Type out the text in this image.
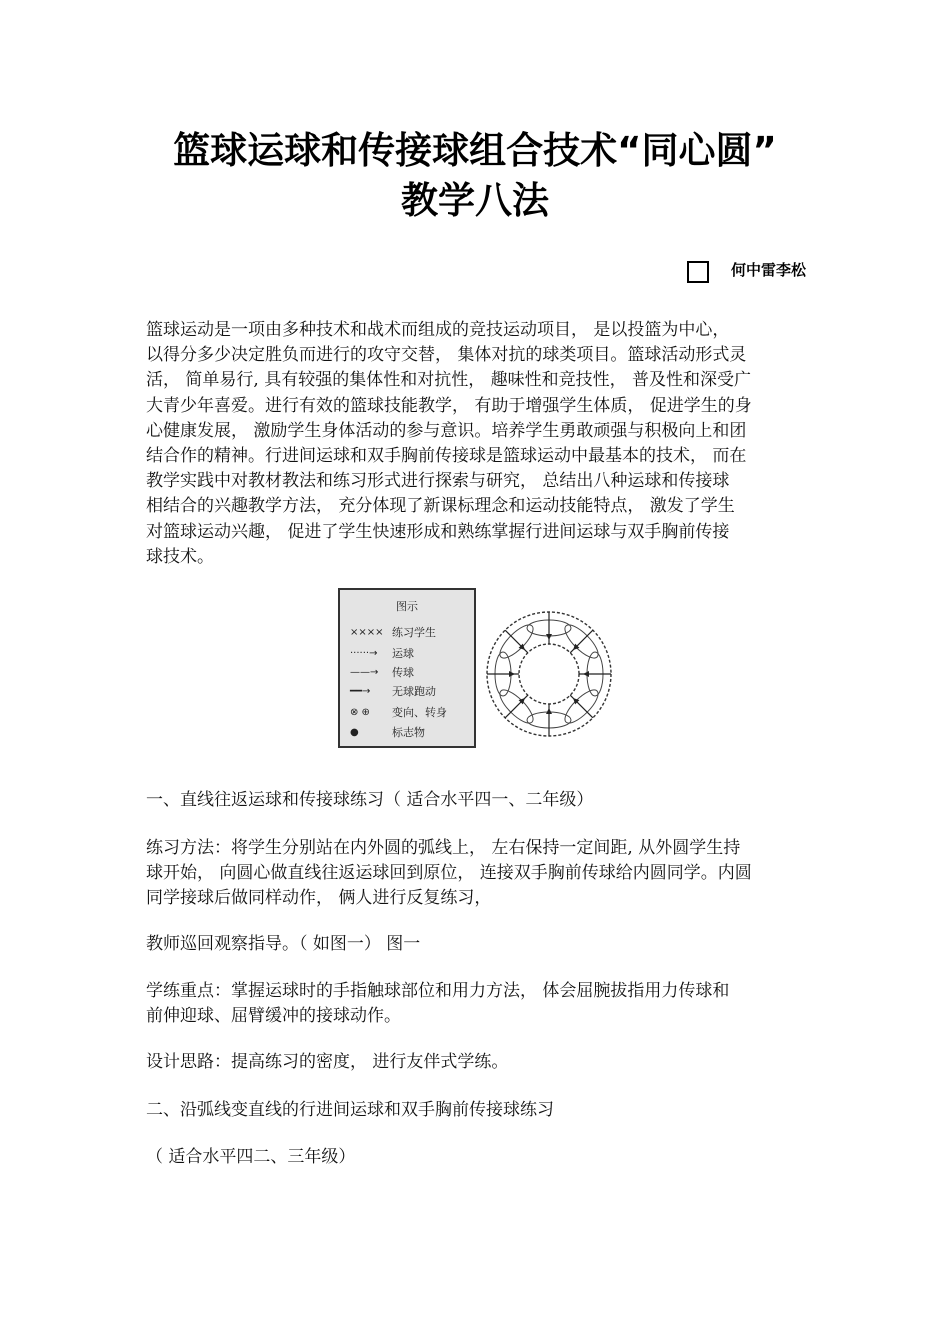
篮球运球和传接球组合技术“同心圆”
教学八法
何中雷李松

篮球运动是一项由多种技术和战术而组成的竞技运动项目， 是以投篮为中心，
以得分多少决定胜负而进行的攻守交替， 集体对抗的球类项目。篮球活动形式灵
活， 简单易行, 具有较强的集体性和对抗性， 趣味性和竞技性， 普及性和深受广
大青少年喜爱。进行有效的篮球技能教学， 有助于增强学生体质， 促进学生的身
心健康发展， 激励学生身体活动的参与意识。培养学生勇敢顽强与积极向上和团
结合作的精神。行进间运球和双手胸前传接球是篮球运动中最基本的技术， 而在
教学实践中对教材教法和练习形式进行探索与研究， 总结出八种运球和传接球
相结合的兴趣教学方法， 充分体现了新课标理念和运动技能特点， 激发了学生
对篮球运动兴趣， 促进了学生快速形成和熟练掌握行进间运球与双手胸前传接
球技术。

图示
×××× 练习学生
······→	运球
——→	传球
━━→	无球跑动
⊗ ⊕	变向、转身
●	标志物

一、直线往返运球和传接球练习（ 适合水平四一、二年级）

练习方法：将学生分别站在内外圆的弧线上， 左右保持一定间距, 从外圆学生持
球开始， 向圆心做直线往返运球回到原位， 连接双手胸前传球给内圆同学。内圆
同学接球后做同样动作， 俩人进行反复练习，

教师巡回观察指导。（ 如图一） 图一

学练重点：掌握运球时的手指触球部位和用力方法， 体会屈腕拔指用力传球和
前伸迎球、屈臂缓冲的接球动作。

设计思路：提高练习的密度， 进行友伴式学练。

二、沿弧线变直线的行进间运球和双手胸前传接球练习

（ 适合水平四二、三年级）
